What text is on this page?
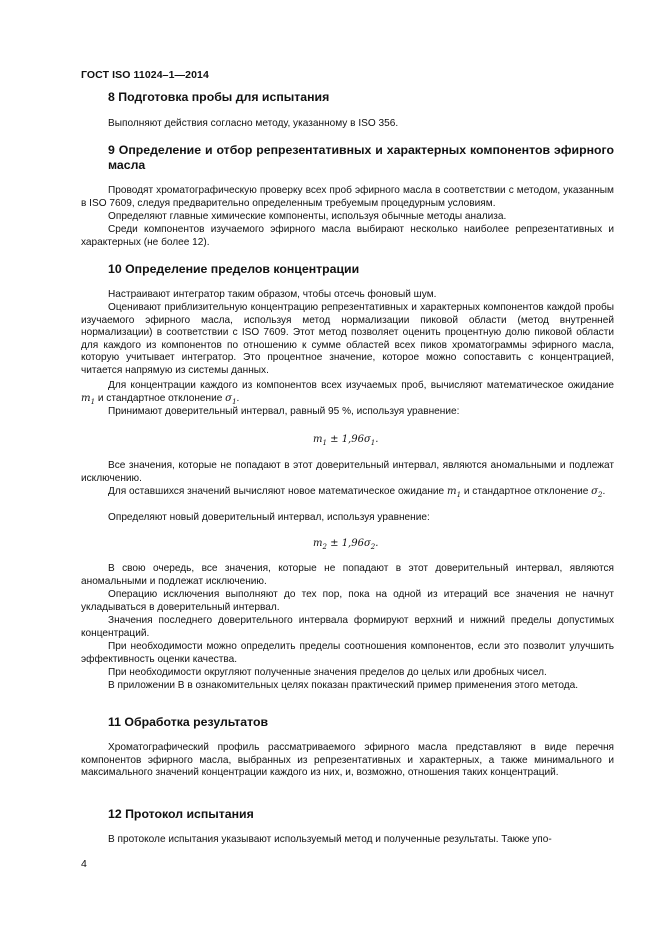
ГОСТ ISO 11024–1—2014
8 Подготовка пробы для испытания
Выполняют действия согласно методу, указанному в ISO 356.
9 Определение и отбор репрезентативных и характерных компонентов эфирного масла
Проводят хроматографическую проверку всех проб эфирного масла в соответствии с методом, указанным в ISO 7609, следуя предварительно определенным требуемым процедурным условиям.
Определяют главные химические компоненты, используя обычные методы анализа.
Среди компонентов изучаемого эфирного масла выбирают несколько наиболее репрезентативных и характерных (не более 12).
10 Определение пределов концентрации
Настраивают интегратор таким образом, чтобы отсечь фоновый шум.
Оценивают приблизительную концентрацию репрезентативных и характерных компонентов каждой пробы изучаемого эфирного масла, используя метод нормализации пиковой области (метод внутренней нормализации) в соответствии с ISO 7609. Этот метод позволяет оценить процентную долю пиковой области для каждого из компонентов по отношению к сумме областей всех пиков хроматограммы эфирного масла, которую учитывает интегратор. Это процентное значение, которое можно сопоставить с концентрацией, читается напрямую из системы данных.
Для концентрации каждого из компонентов всех изучаемых проб, вычисляют математическое ожидание $m_1$ и стандартное отклонение $\sigma_1$.
Принимают доверительный интервал, равный 95 %, используя уравнение:
$m_1 \pm 1,96\sigma_1$.
Все значения, которые не попадают в этот доверительный интервал, являются аномальными и подлежат исключению.
Для оставшихся значений вычисляют новое математическое ожидание $m_1$ и стандартное отклонение $\sigma_2$.
Определяют новый доверительный интервал, используя уравнение:
$m_2 \pm 1,96\sigma_2$.
В свою очередь, все значения, которые не попадают в этот доверительный интервал, являются аномальными и подлежат исключению.
Операцию исключения выполняют до тех пор, пока на одной из итераций все значения не начнут укладываться в доверительный интервал.
Значения последнего доверительного интервала формируют верхний и нижний пределы допустимых концентраций.
При необходимости можно определить пределы соотношения компонентов, если это позволит улучшить эффективность оценки качества.
При необходимости округляют полученные значения пределов до целых или дробных чисел.
В приложении В в ознакомительных целях показан практический пример применения этого метода.
11 Обработка результатов
Хроматографический профиль рассматриваемого эфирного масла представляют в виде перечня компонентов эфирного масла, выбранных из репрезентативных и характерных, а также минимального и максимального значений концентрации каждого из них, и, возможно, отношения таких концентраций.
12 Протокол испытания
В протоколе испытания указывают используемый метод и полученные результаты. Также упо-
4
